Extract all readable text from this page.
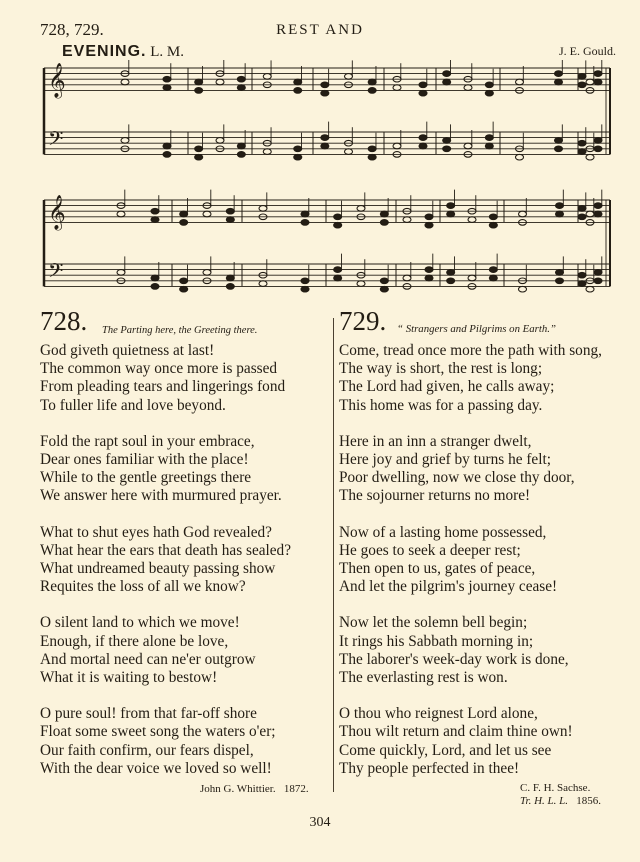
728, 729.	REST AND
EVENING. L. M.	J. E. Gould.
𝄞
𝄢
𝄞
𝄢
728. The Parting here, the Greeting there.
God giveth quietness at last!
The common way once more is passed
From pleading tears and lingerings fond
To fuller life and love beyond.
Fold the rapt soul in your embrace,
Dear ones familiar with the place!
While to the gentle greetings there
We answer here with murmured prayer.
What to shut eyes hath God revealed?
What hear the ears that death has sealed?
What undreamed beauty passing show
Requites the loss of all we know?
O silent land to which we move!
Enough, if there alone be love,
And mortal need can ne'er outgrow
What it is waiting to bestow!
O pure soul! from that far-off shore
Float some sweet song the waters o'er;
Our faith confirm, our fears dispel,
With the dear voice we loved so well!
729. “ Strangers and Pilgrims on Earth.”
Come, tread once more the path with song,
The way is short, the rest is long;
The Lord had given, he calls away;
This home was for a passing day.
Here in an inn a stranger dwelt,
Here joy and grief by turns he felt;
Poor dwelling, now we close thy door,
The sojourner returns no more!
Now of a lasting home possessed,
He goes to seek a deeper rest;
Then open to us, gates of peace,
And let the pilgrim's journey cease!
Now let the solemn bell begin;
It rings his Sabbath morning in;
The laborer's week-day work is done,
The everlasting rest is won.
O thou who reignest Lord alone,
Thou wilt return and claim thine own!
Come quickly, Lord, and let us see
Thy people perfected in thee!
John G. Whittier. 1872.	C. F. H. Sachse.
Tr. H. L. L. 1856.
304
